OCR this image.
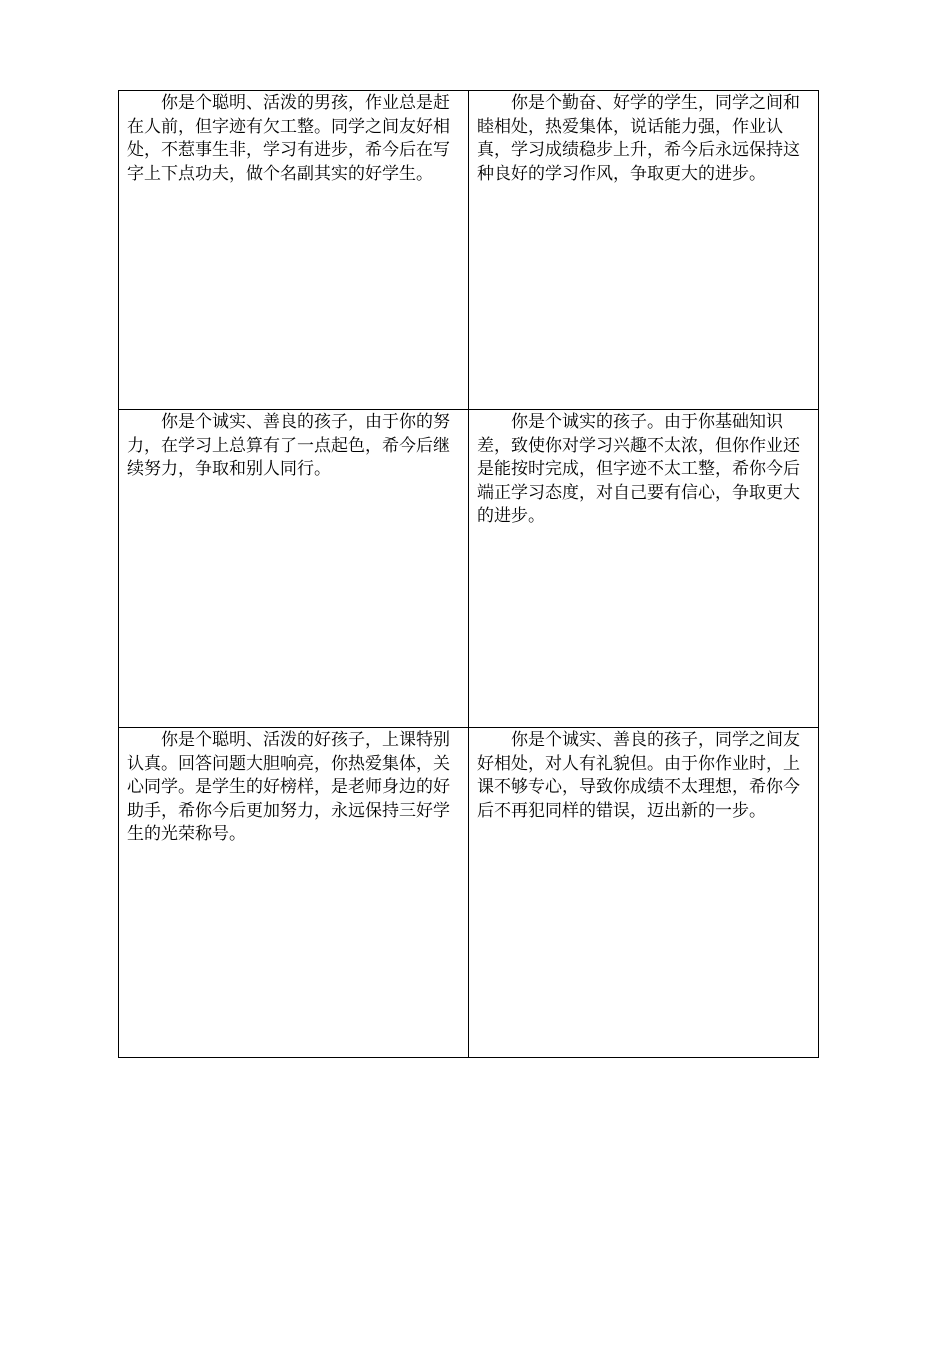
你是个聪明、活泼的男孩，作业总是赶在人前，但字迹有欠工整。同学之间友好相处，不惹事生非，学习有进步，希今后在写字上下点功夫，做个名副其实的好学生。	你是个勤奋、好学的学生，同学之间和睦相处，热爱集体，说话能力强，作业认真，学习成绩稳步上升，希今后永远保持这种良好的学习作风，争取更大的进步。
你是个诚实、善良的孩子，由于你的努力，在学习上总算有了一点起色，希今后继续努力，争取和别人同行。	你是个诚实的孩子。由于你基础知识差，致使你对学习兴趣不太浓，但你作业还是能按时完成，但字迹不太工整，希你今后端正学习态度，对自己要有信心，争取更大的进步。
你是个聪明、活泼的好孩子，上课特别认真。回答问题大胆响亮，你热爱集体，关心同学。是学生的好榜样，是老师身边的好助手，希你今后更加努力，永远保持三好学生的光荣称号。	你是个诚实、善良的孩子，同学之间友好相处，对人有礼貌但。由于你作业时，上课不够专心，导致你成绩不太理想，希你今后不再犯同样的错误，迈出新的一步。
